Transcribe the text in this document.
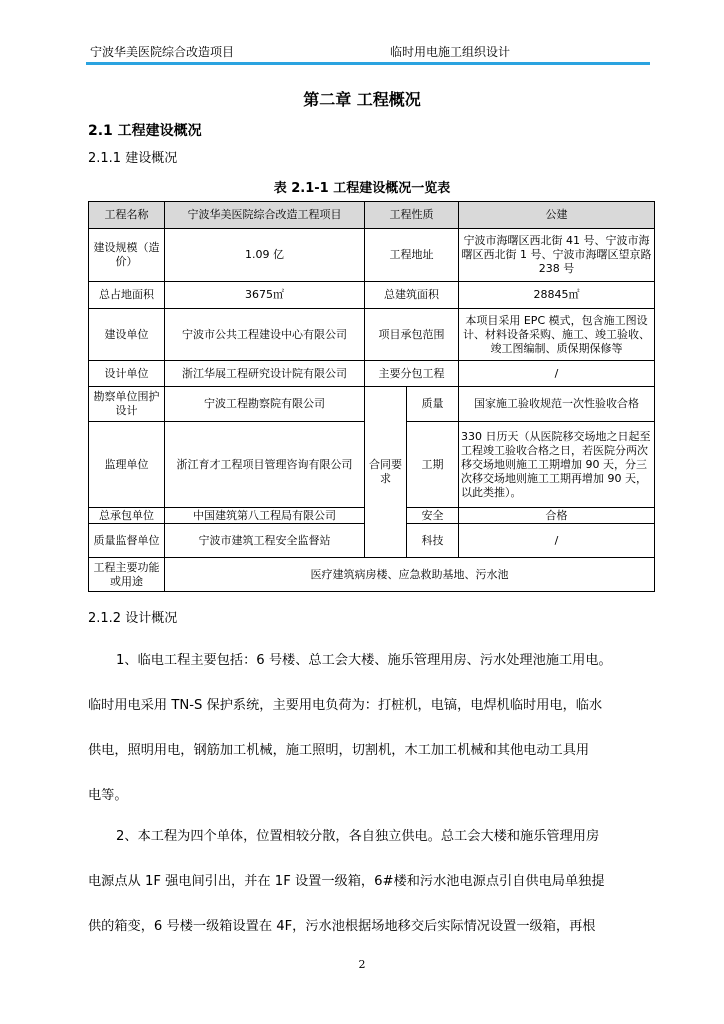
宁波华美医院综合改造项目	临时用电施工组织设计
第二章 工程概况
2.1 工程建设概况
2.1.1 建设概况
表 2.1-1 工程建设概况一览表
工程名称	宁波华美医院综合改造工程项目	工程性质		公建
建设规模（造价）	1.09 亿	工程地址		宁波市海曙区西北街 41 号、宁波市海曙区西北街 1 号、宁波市海曙区望京路 238 号
总占地面积	3675㎡	总建筑面积		28845㎡
建设单位	宁波市公共工程建设中心有限公司	项目承包范围		本项目采用 EPC 模式，包含施工图设计、材料设备采购、施工、竣工验收、竣工图编制、质保期保修等
设计单位	浙江华展工程研究设计院有限公司	主要分包工程		/
勘察单位围护设计	宁波工程勘察院有限公司	合同要求	质量	国家施工验收规范一次性验收合格
监理单位	浙江育才工程项目管理咨询有限公司		工期	330 日历天（从医院移交场地之日起至工程竣工验收合格之日，若医院分两次移交场地则施工工期增加 90 天，分三次移交场地则施工工期再增加 90 天，以此类推）。
总承包单位	中国建筑第八工程局有限公司		安全	合格
质量监督单位	宁波市建筑工程安全监督站		科技	/
工程主要功能或用途	医疗建筑病房楼、应急救助基地、污水池			
2.1.2 设计概况
1、临电工程主要包括：6 号楼、总工会大楼、施乐管理用房、污水处理池施工用电。
临时用电采用 TN-S 保护系统，主要用电负荷为：打桩机，电镐，电焊机临时用电，临水
供电，照明用电，钢筋加工机械，施工照明，切割机，木工加工机械和其他电动工具用
电等。
2、本工程为四个单体，位置相较分散，各自独立供电。总工会大楼和施乐管理用房
电源点从 1F 强电间引出，并在 1F 设置一级箱，6#楼和污水池电源点引自供电局单独提
供的箱变，6 号楼一级箱设置在 4F，污水池根据场地移交后实际情况设置一级箱，再根
2
